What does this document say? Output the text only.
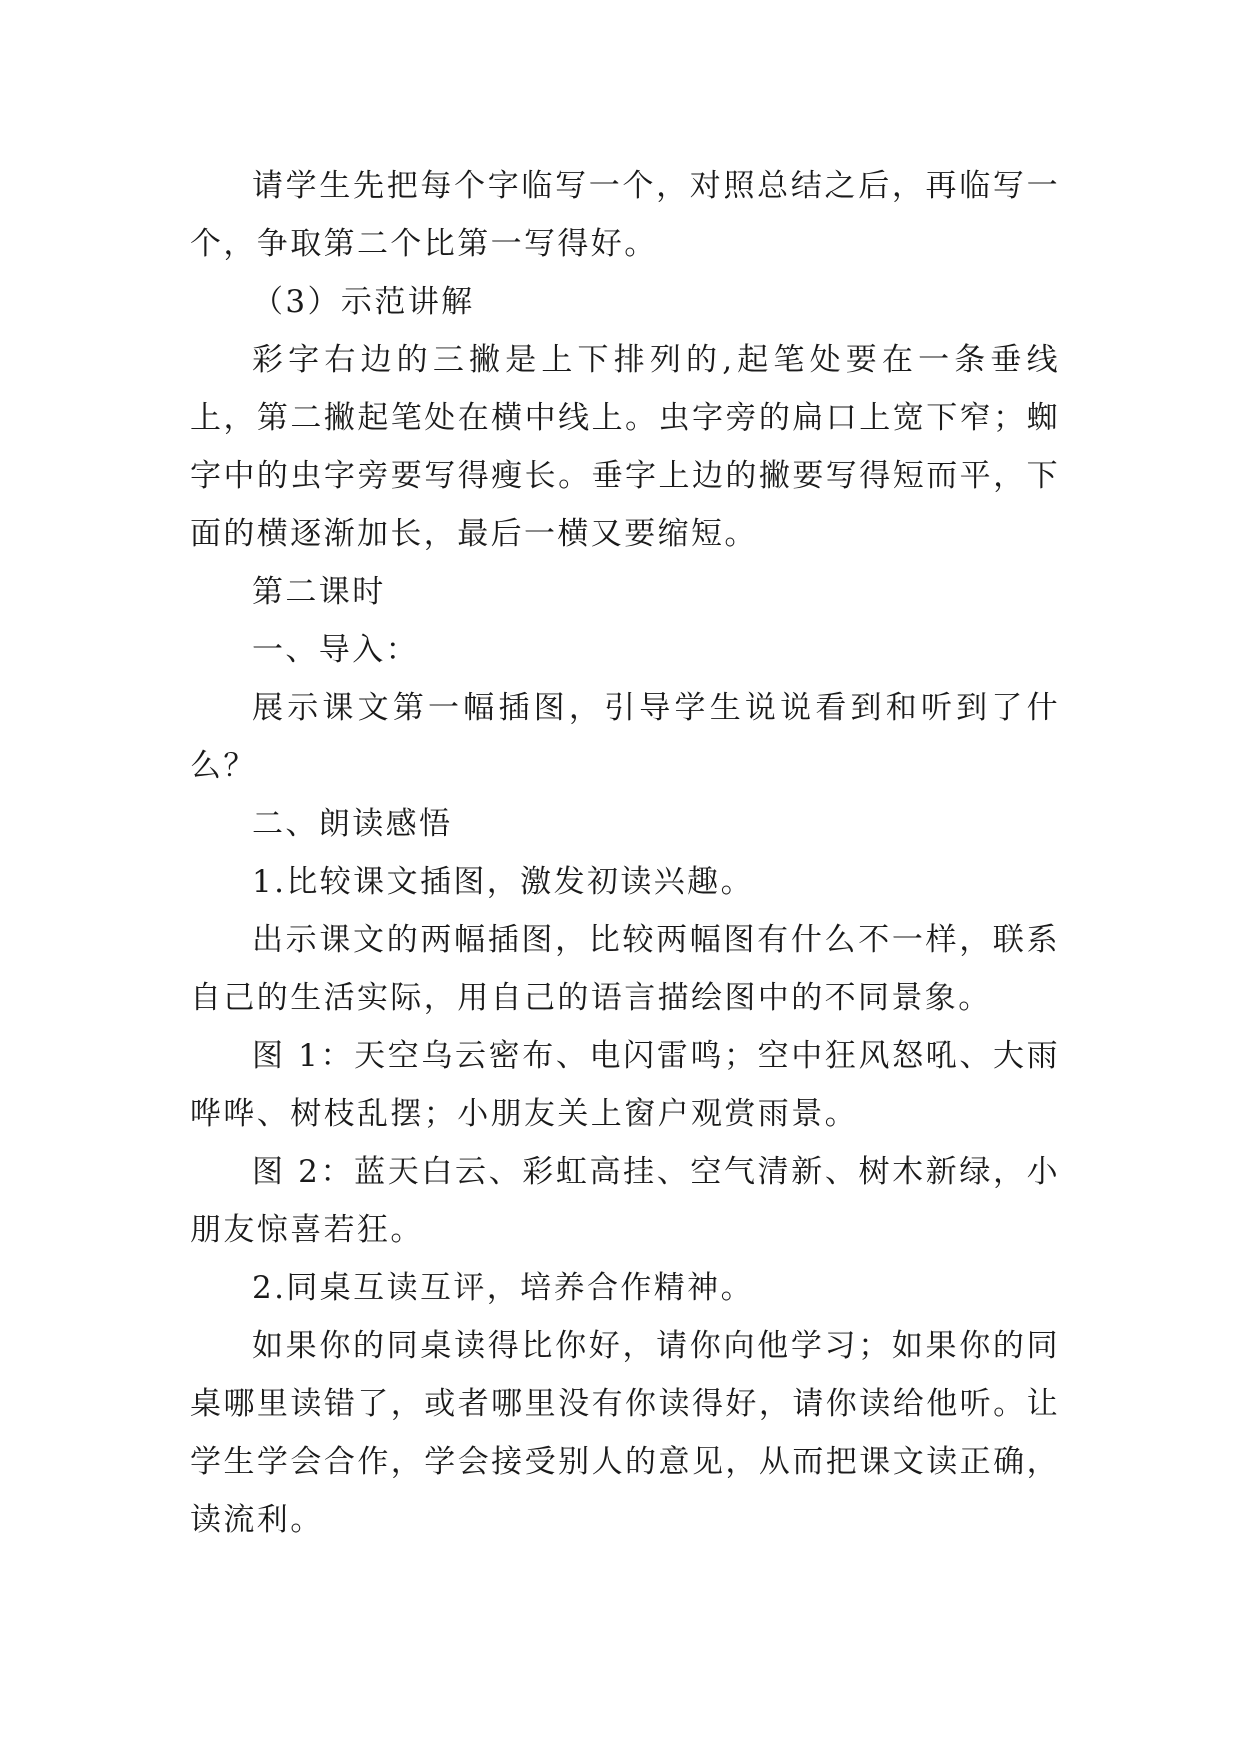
请学生先把每个字临写一个，对照总结之后，再临写一个，争取第二个比第一写得好。

（3）示范讲解

彩字右边的三撇是上下排列的,起笔处要在一条垂线上，第二撇起笔处在横中线上。虫字旁的扁口上宽下窄；蜘字中的虫字旁要写得瘦长。垂字上边的撇要写得短而平，下面的横逐渐加长，最后一横又要缩短。

第二课时

一、导入：

展示课文第一幅插图，引导学生说说看到和听到了什么？

二、朗读感悟

1.比较课文插图，激发初读兴趣。

出示课文的两幅插图，比较两幅图有什么不一样，联系自己的生活实际，用自己的语言描绘图中的不同景象。

图 1：天空乌云密布、电闪雷鸣；空中狂风怒吼、大雨哗哗、树枝乱摆；小朋友关上窗户观赏雨景。

图 2：蓝天白云、彩虹高挂、空气清新、树木新绿，小朋友惊喜若狂。

2.同桌互读互评，培养合作精神。

如果你的同桌读得比你好，请你向他学习；如果你的同桌哪里读错了，或者哪里没有你读得好，请你读给他听。让学生学会合作，学会接受别人的意见，从而把课文读正确，读流利。
